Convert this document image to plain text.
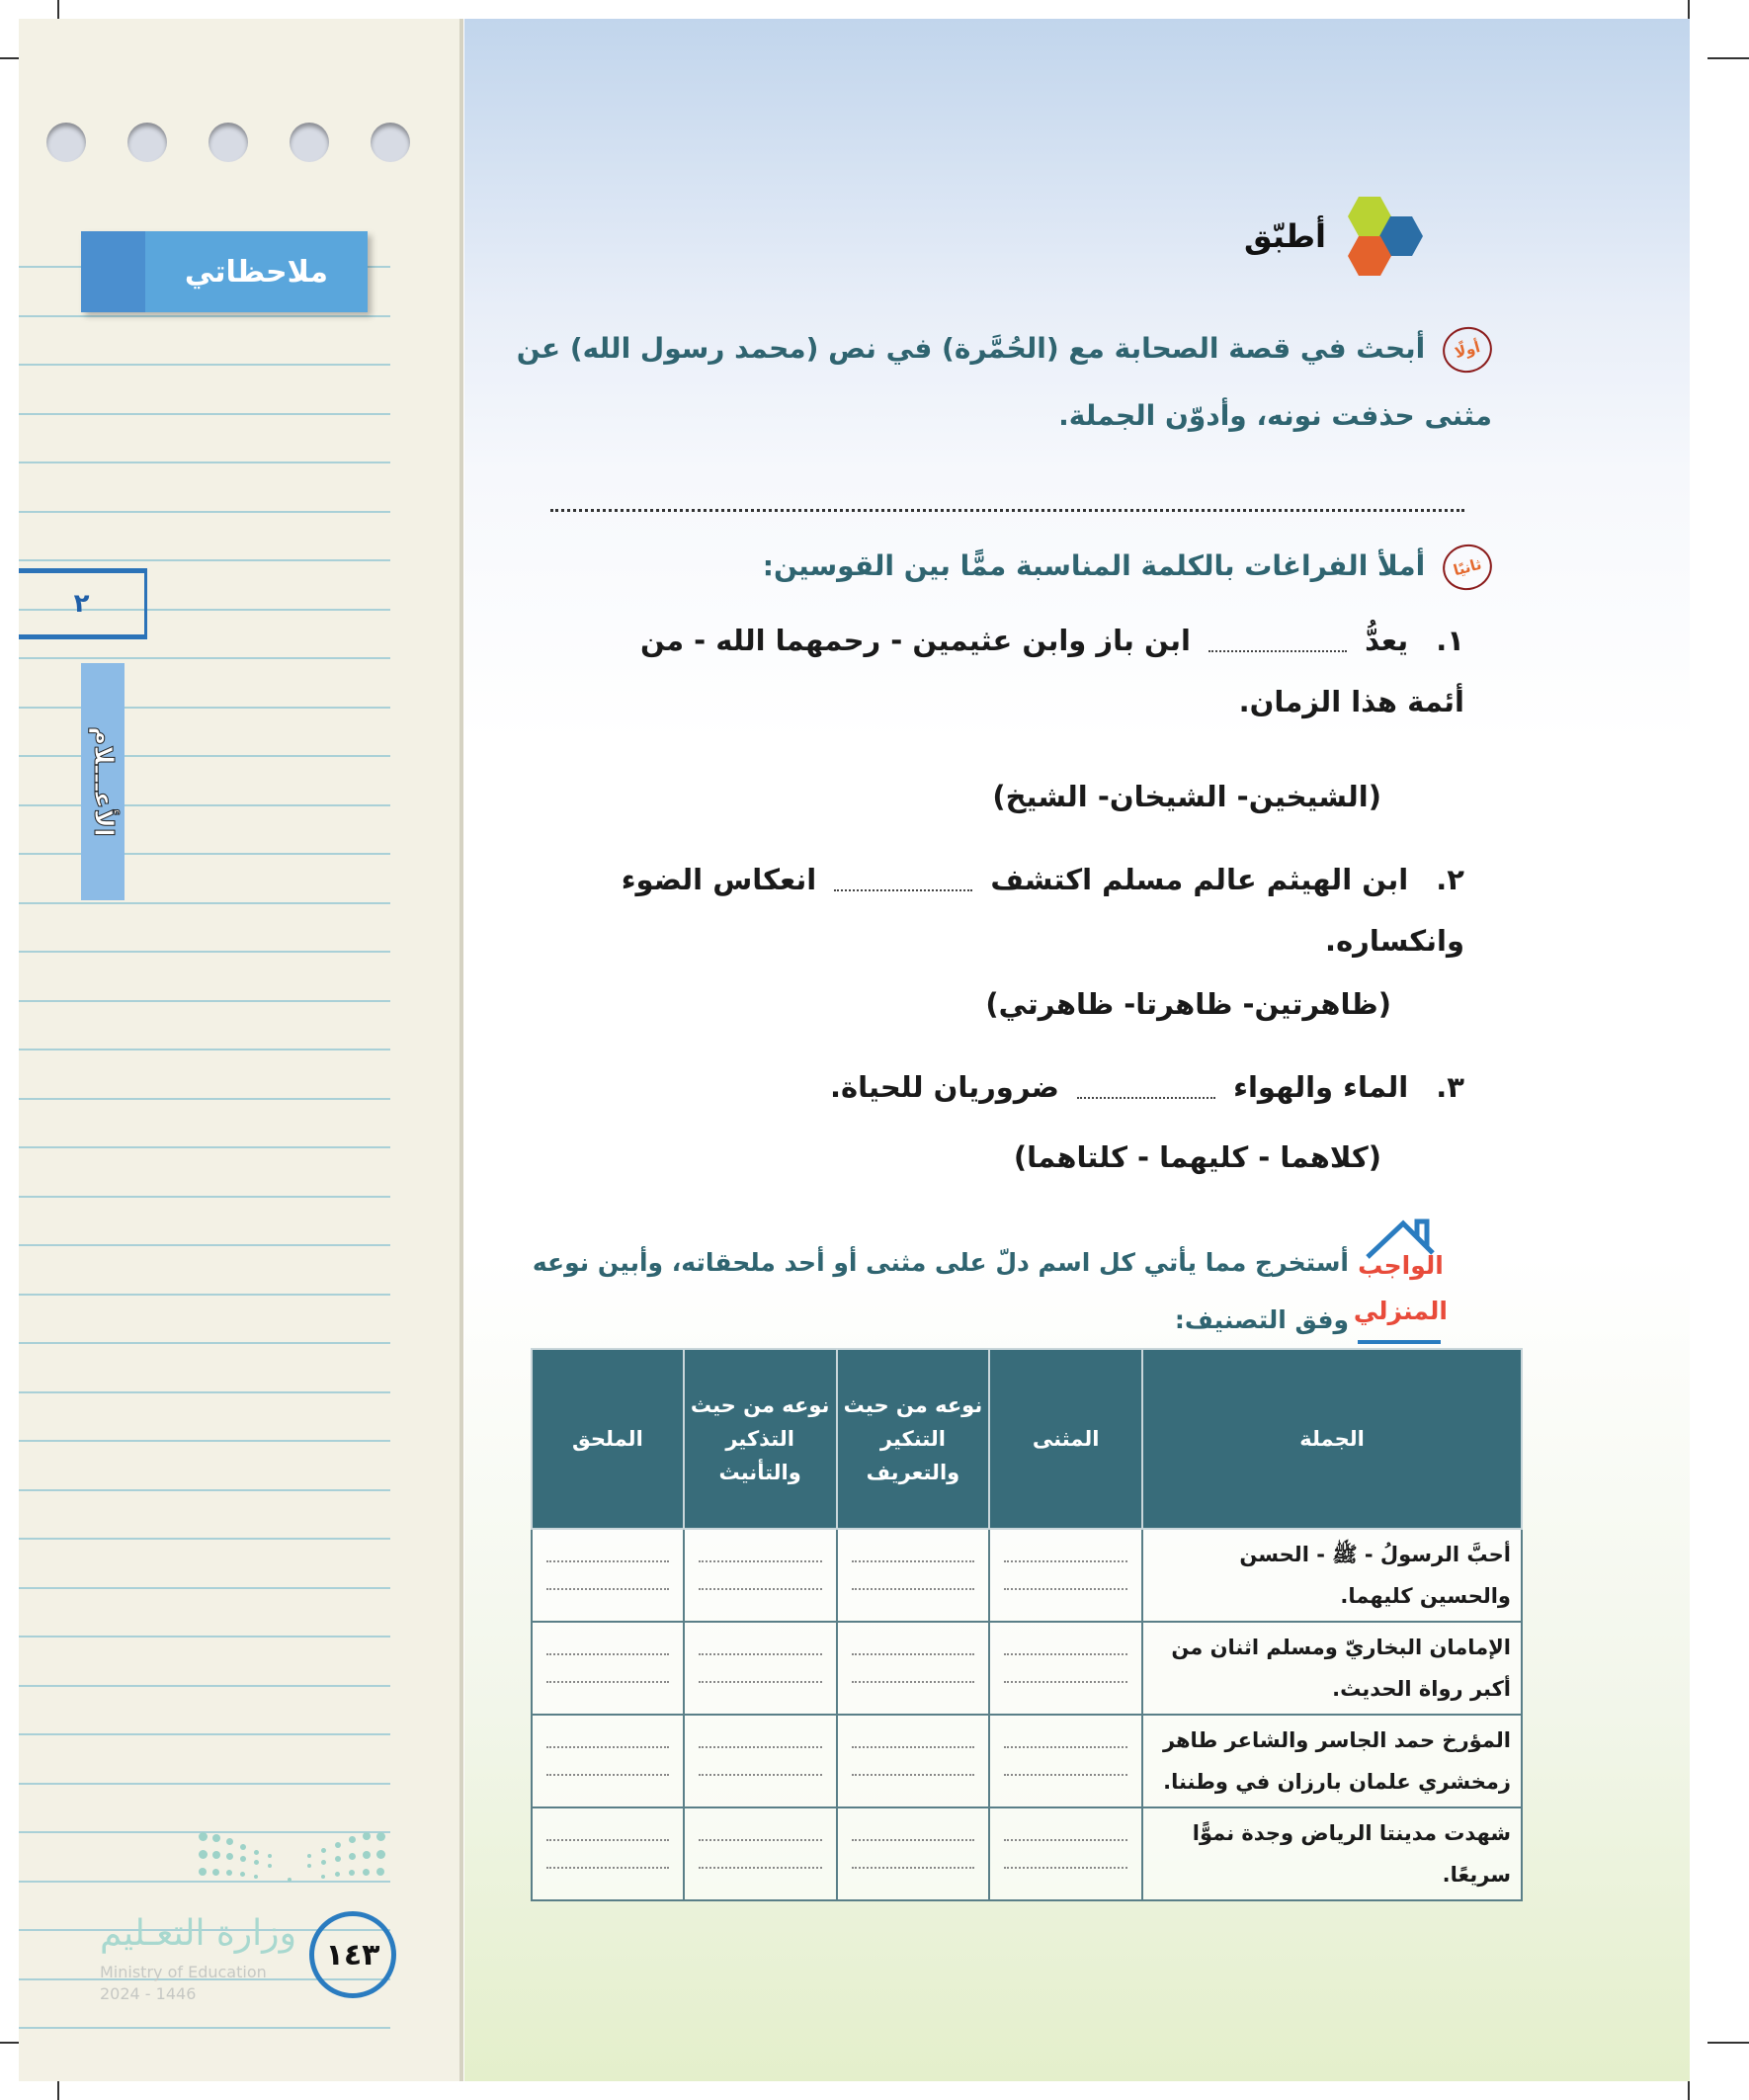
ملاحظاتي
٢
الأعـــلام
وزارة التعـليم
Ministry of Education
2024 - 1446
١٤٣
أطبّق
أولًا أبحث في قصة الصحابة مع (الحُمَّرة) في نص (محمد رسول الله) عن مثنى حذفت نونه، وأدوّن الجملة.
ثانيًا أملأ الفراغات بالكلمة المناسبة ممًّا بين القوسين:
١. يعدُّ  ابن باز وابن عثيمين - رحمهما الله - من أئمة هذا الزمان.
(الشيخين- الشيخان- الشيخ)
٢. ابن الهيثم عالم مسلم اكتشف  انعكاس الضوء وانكساره.
(ظاهرتين- ظاهرتا- ظاهرتي)
٣. الماء والهواء  ضروريان للحياة.
(كلاهما - كليهما - كلتاهما)
الواجب
المنزلي
أستخرج مما يأتي كل اسم دلّ على مثنى أو أحد ملحقاته، وأبين نوعه وفق التصنيف:
الجملة	المثنى	نوعه من حيث التنكير والتعريف	نوعه من حيث التذكير والتأنيث	الملحق
أحبَّ الرسولُ - ﷺ - الحسن والحسين كليهما.	

الإمامان البخاريّ ومسلم اثنان من أكبر رواة الحديث.	

المؤرخ حمد الجاسر والشاعر طاهر زمخشري علمان بارزان في وطننا.	

شهدت مدينتا الرياض وجدة نموًّا سريعًا.	
